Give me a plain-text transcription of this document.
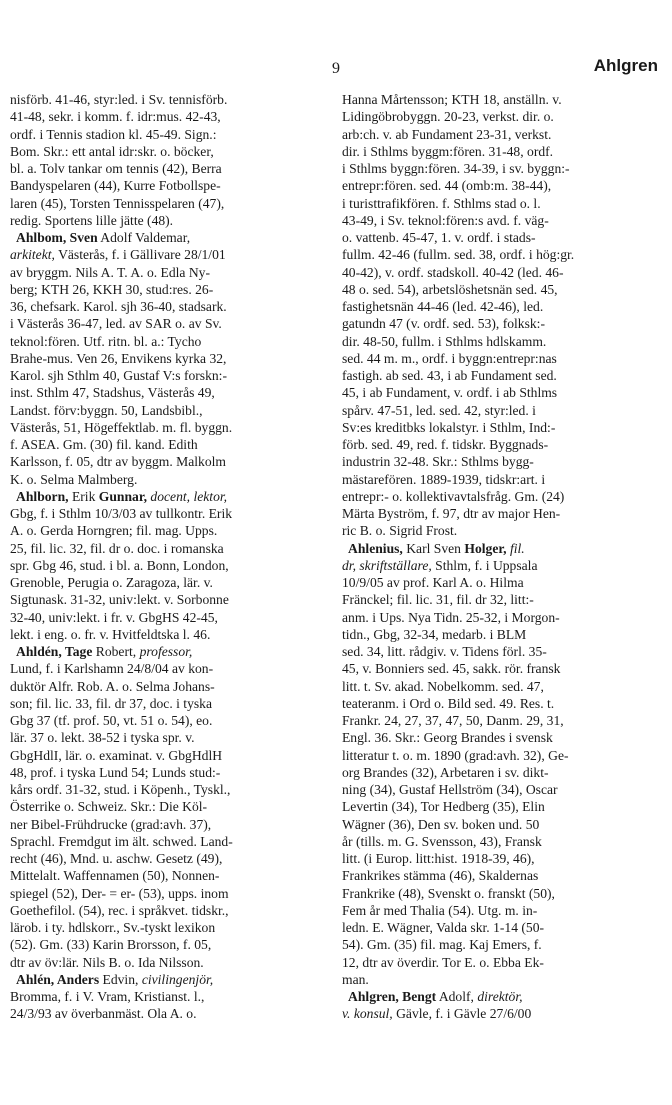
9	Ahlgren
nisförb. 41-46, styr:led. i Sv. tennisförb.
41-48, sekr. i komm. f. idr:mus. 42-43,
ordf. i Tennis stadion kl. 45-49. Sign.:
Bom. Skr.: ett antal idr:skr. o. böcker,
bl. a. Tolv tankar om tennis (42), Berra
Bandyspelaren (44), Kurre Fotbollspe-
laren (45), Torsten Tennisspelaren (47),
redig. Sportens lille jätte (48).
Ahlbom, Sven Adolf Valdemar,
arkitekt, Västerås, f. i Gällivare 28/1/01
av bryggm. Nils A. T. A. o. Edla Ny-
berg; KTH 26, KKH 30, stud:res. 26-
36, chefsark. Karol. sjh 36-40, stadsark.
i Västerås 36-47, led. av SAR o. av Sv.
teknol:fören. Utf. ritn. bl. a.: Tycho
Brahe-mus. Ven 26, Envikens kyrka 32,
Karol. sjh Sthlm 40, Gustaf V:s forskn:-
inst. Sthlm 47, Stadshus, Västerås 49,
Landst. förv:byggn. 50, Landsbibl.,
Västerås, 51, Högeffektlab. m. fl. byggn.
f. ASEA. Gm. (30) fil. kand. Edith
Karlsson, f. 05, dtr av byggm. Malkolm
K. o. Selma Malmberg.
Ahlborn, Erik Gunnar, docent, lektor,
Gbg, f. i Sthlm 10/3/03 av tullkontr. Erik
A. o. Gerda Horngren; fil. mag. Upps.
25, fil. lic. 32, fil. dr o. doc. i romanska
spr. Gbg 46, stud. i bl. a. Bonn, London,
Grenoble, Perugia o. Zaragoza, lär. v.
Sigtunask. 31-32, univ:lekt. v. Sorbonne
32-40, univ:lekt. i fr. v. GbgHS 42-45,
lekt. i eng. o. fr. v. Hvitfeldtska l. 46.
Ahldén, Tage Robert, professor,
Lund, f. i Karlshamn 24/8/04 av kon-
duktör Alfr. Rob. A. o. Selma Johans-
son; fil. lic. 33, fil. dr 37, doc. i tyska
Gbg 37 (tf. prof. 50, vt. 51 o. 54), eo.
lär. 37 o. lekt. 38-52 i tyska spr. v.
GbgHdlI, lär. o. examinat. v. GbgHdlH
48, prof. i tyska Lund 54; Lunds stud:-
kårs ordf. 31-32, stud. i Köpenh., Tyskl.,
Österrike o. Schweiz. Skr.: Die Köl-
ner Bibel-Frühdrucke (grad:avh. 37),
Sprachl. Fremdgut im ält. schwed. Land-
recht (46), Mnd. u. aschw. Gesetz (49),
Mittelalt. Waffennamen (50), Nonnen-
spiegel (52), Der- = er- (53), upps. inom
Goethefilol. (54), rec. i språkvet. tidskr.,
lärob. i ty. hdlskorr., Sv.-tyskt lexikon
(52). Gm. (33) Karin Brorsson, f. 05,
dtr av öv:lär. Nils B. o. Ida Nilsson.
Ahlén, Anders Edvin, civilingenjör,
Bromma, f. i V. Vram, Kristianst. l.,
24/3/93 av överbanmäst. Ola A. o.
Hanna Mårtensson; KTH 18, anställn. v.
Lidingöbrobyggn. 20-23, verkst. dir. o.
arb:ch. v. ab Fundament 23-31, verkst.
dir. i Sthlms byggm:fören. 31-48, ordf.
i Sthlms byggn:fören. 34-39, i sv. byggn:-
entrepr:fören. sed. 44 (omb:m. 38-44),
i turisttrafikfören. f. Sthlms stad o. l.
43-49, i Sv. teknol:fören:s avd. f. väg-
o. vattenb. 45-47, 1. v. ordf. i stads-
fullm. 42-46 (fullm. sed. 38, ordf. i hög:gr.
40-42), v. ordf. stadskoll. 40-42 (led. 46-
48 o. sed. 54), arbetslöshetsnän sed. 45,
fastighetsnän 44-46 (led. 42-46), led.
gatundn 47 (v. ordf. sed. 53), folksk:-
dir. 48-50, fullm. i Sthlms hdlskamm.
sed. 44 m. m., ordf. i byggn:entrepr:nas
fastigh. ab sed. 43, i ab Fundament sed.
45, i ab Fundament, v. ordf. i ab Sthlms
spårv. 47-51, led. sed. 42, styr:led. i
Sv:es kreditbks lokalstyr. i Sthlm, Ind:-
förb. sed. 49, red. f. tidskr. Byggnads-
industrin 32-48. Skr.: Sthlms bygg-
mästarefören. 1889-1939, tidskr:art. i
entrepr:- o. kollektivavtalsfråg. Gm. (24)
Märta Byström, f. 97, dtr av major Hen-
ric B. o. Sigrid Frost.
Ahlenius, Karl Sven Holger, fil.
dr, skriftställare, Sthlm, f. i Uppsala
10/9/05 av prof. Karl A. o. Hilma
Fränckel; fil. lic. 31, fil. dr 32, litt:-
anm. i Ups. Nya Tidn. 25-32, i Morgon-
tidn., Gbg, 32-34, medarb. i BLM
sed. 34, litt. rådgiv. v. Tidens förl. 35-
45, v. Bonniers sed. 45, sakk. rör. fransk
litt. t. Sv. akad. Nobelkomm. sed. 47,
teateranm. i Ord o. Bild sed. 49. Res. t.
Frankr. 24, 27, 37, 47, 50, Danm. 29, 31,
Engl. 36. Skr.: Georg Brandes i svensk
litteratur t. o. m. 1890 (grad:avh. 32), Ge-
org Brandes (32), Arbetaren i sv. dikt-
ning (34), Gustaf Hellström (34), Oscar
Levertin (34), Tor Hedberg (35), Elin
Wägner (36), Den sv. boken und. 50
år (tills. m. G. Svensson, 43), Fransk
litt. (i Europ. litt:hist. 1918-39, 46),
Frankrikes stämma (46), Skaldernas
Frankrike (48), Svenskt o. franskt (50),
Fem år med Thalia (54). Utg. m. in-
ledn. E. Wägner, Valda skr. 1-14 (50-
54). Gm. (35) fil. mag. Kaj Emers, f.
12, dtr av överdir. Tor E. o. Ebba Ek-
man.
Ahlgren, Bengt Adolf, direktör,
v. konsul, Gävle, f. i Gävle 27/6/00
